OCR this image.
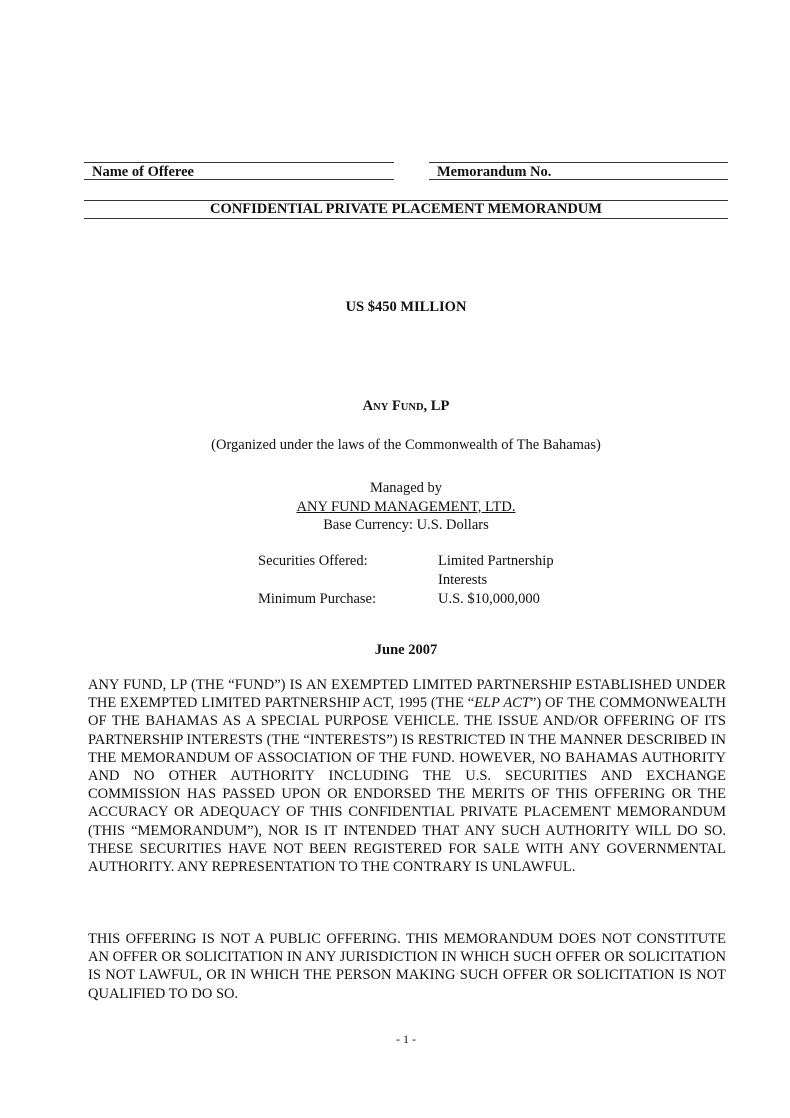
Name of Offeree	Memorandum No.
CONFIDENTIAL PRIVATE PLACEMENT MEMORANDUM
US $450 MILLION
ANY FUND, LP
(Organized under the laws of the Commonwealth of The Bahamas)
Managed by
ANY FUND MANAGEMENT, LTD.
Base Currency: U.S. Dollars
Securities Offered:	Limited Partnership
Interests
Minimum Purchase:	U.S. $10,000,000
June 2007
ANY FUND, LP (THE “FUND”) IS AN EXEMPTED LIMITED PARTNERSHIP ESTABLISHED UNDER THE EXEMPTED LIMITED PARTNERSHIP ACT, 1995 (THE “ELP ACT”) OF THE COMMONWEALTH OF THE BAHAMAS AS A SPECIAL PURPOSE VEHICLE. THE ISSUE AND/OR OFFERING OF ITS PARTNERSHIP INTERESTS (THE “INTERESTS”) IS RESTRICTED IN THE MANNER DESCRIBED IN THE MEMORANDUM OF ASSOCIATION OF THE FUND. HOWEVER, NO BAHAMAS AUTHORITY AND NO OTHER AUTHORITY INCLUDING THE U.S. SECURITIES AND EXCHANGE COMMISSION HAS PASSED UPON OR ENDORSED THE MERITS OF THIS OFFERING OR THE ACCURACY OR ADEQUACY OF THIS CONFIDENTIAL PRIVATE PLACEMENT MEMORANDUM (THIS “MEMORANDUM”), NOR IS IT INTENDED THAT ANY SUCH AUTHORITY WILL DO SO. THESE SECURITIES HAVE NOT BEEN REGISTERED FOR SALE WITH ANY GOVERNMENTAL AUTHORITY. ANY REPRESENTATION TO THE CONTRARY IS UNLAWFUL.
THIS OFFERING IS NOT A PUBLIC OFFERING. THIS MEMORANDUM DOES NOT CONSTITUTE AN OFFER OR SOLICITATION IN ANY JURISDICTION IN WHICH SUCH OFFER OR SOLICITATION IS NOT LAWFUL, OR IN WHICH THE PERSON MAKING SUCH OFFER OR SOLICITATION IS NOT QUALIFIED TO DO SO.
- 1 -
